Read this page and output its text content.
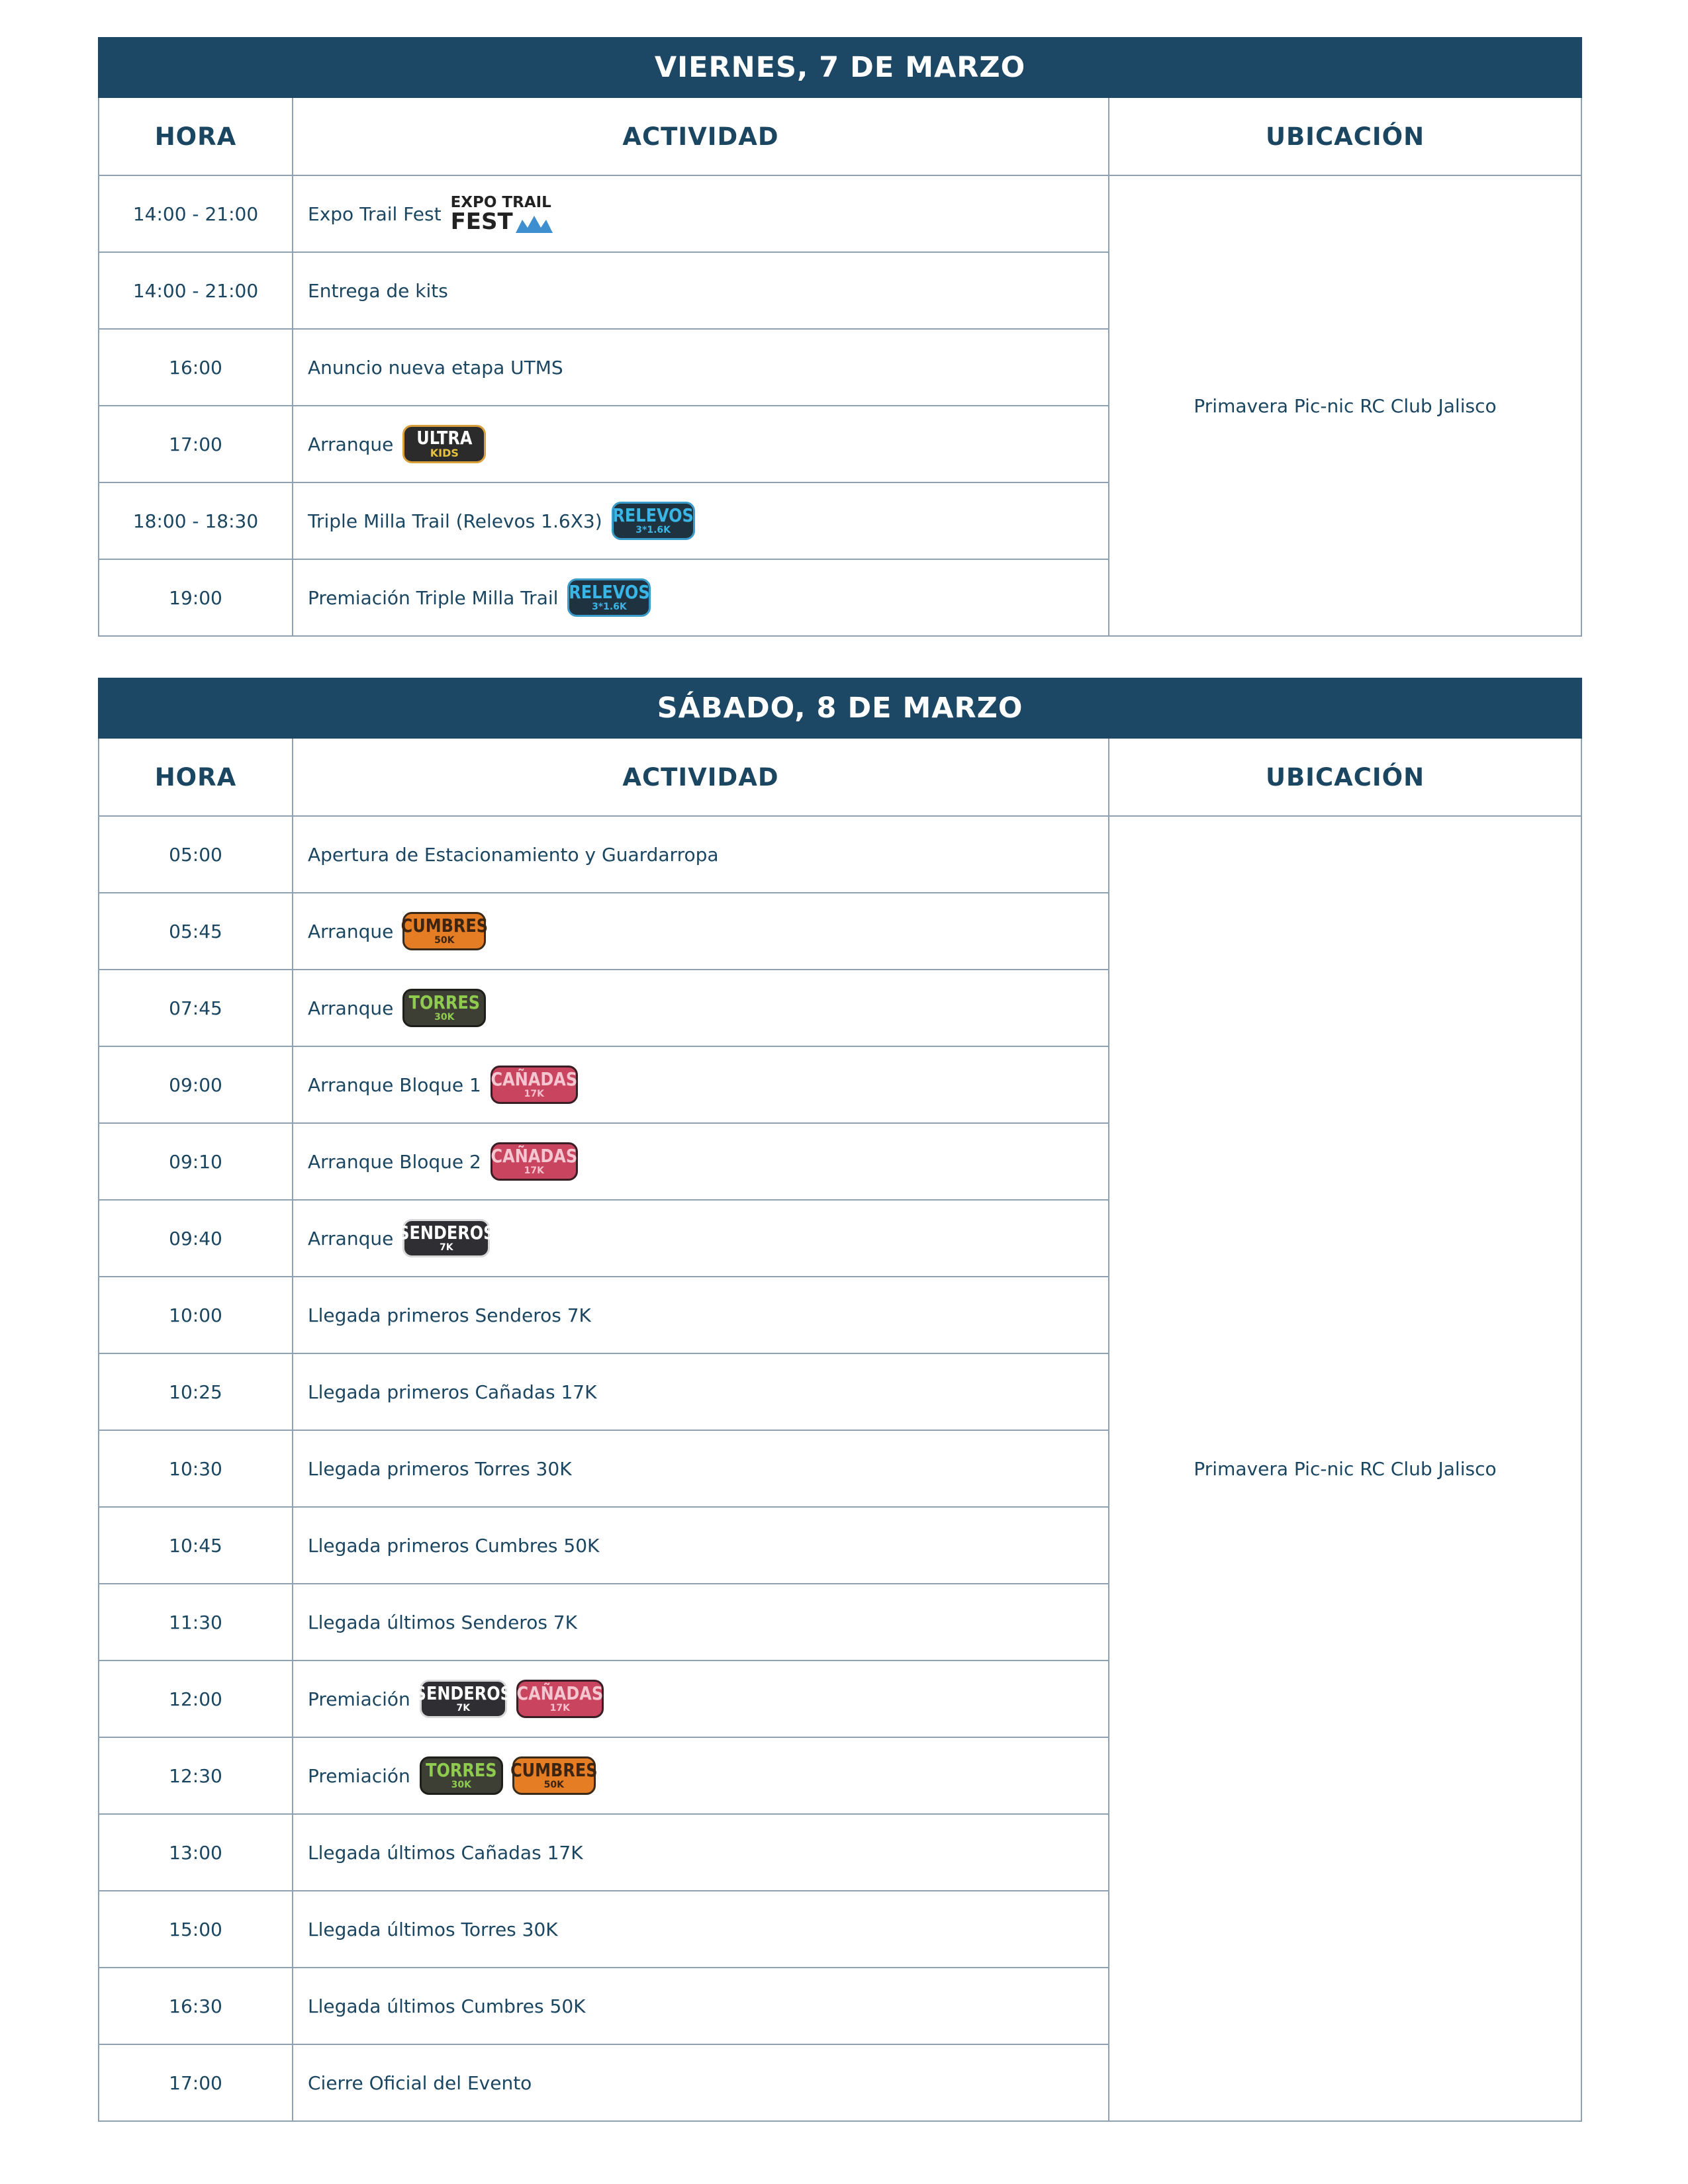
VIERNES, 7 DE MARZO		
HORA	ACTIVIDAD	UBICACIÓN
14:00 - 21:00	Expo Trail Fest
EXPO TRAIL
FEST	Primavera Pic-nic RC Club Jalisco
14:00 - 21:00	Entrega de kits	

16:00	Anuncio nueva etapa UTMS	

17:00	Arranque ULTRA
KIDS	

18:00 - 18:30	Triple Milla Trail (Relevos 1.6X3) RELEVOS
3*1.6K	

19:00	Premiación Triple Milla Trail RELEVOS
3*1.6K	
SÁBADO, 8 DE MARZO		
HORA	ACTIVIDAD	UBICACIÓN
05:00	Apertura de Estacionamiento y Guardarropa	Primavera Pic-nic RC Club Jalisco
05:45	Arranque CUMBRES
50K	

07:45	Arranque TORRES
30K	

09:00	Arranque Bloque 1 CAÑADAS
17K	

09:10	Arranque Bloque 2 CAÑADAS
17K	

09:40	Arranque SENDEROS
7K	

10:00	Llegada primeros Senderos 7K	

10:25	Llegada primeros Cañadas 17K	

10:30	Llegada primeros Torres 30K	

10:45	Llegada primeros Cumbres 50K	

11:30	Llegada últimos Senderos 7K	

12:00	Premiación SENDEROS
7K
CAÑADAS
17K	

12:30	Premiación TORRES
30K
CUMBRES
50K	

13:00	Llegada últimos Cañadas 17K	

15:00	Llegada últimos Torres 30K	

16:30	Llegada últimos Cumbres 50K	

17:00	Cierre Oficial del Evento	
